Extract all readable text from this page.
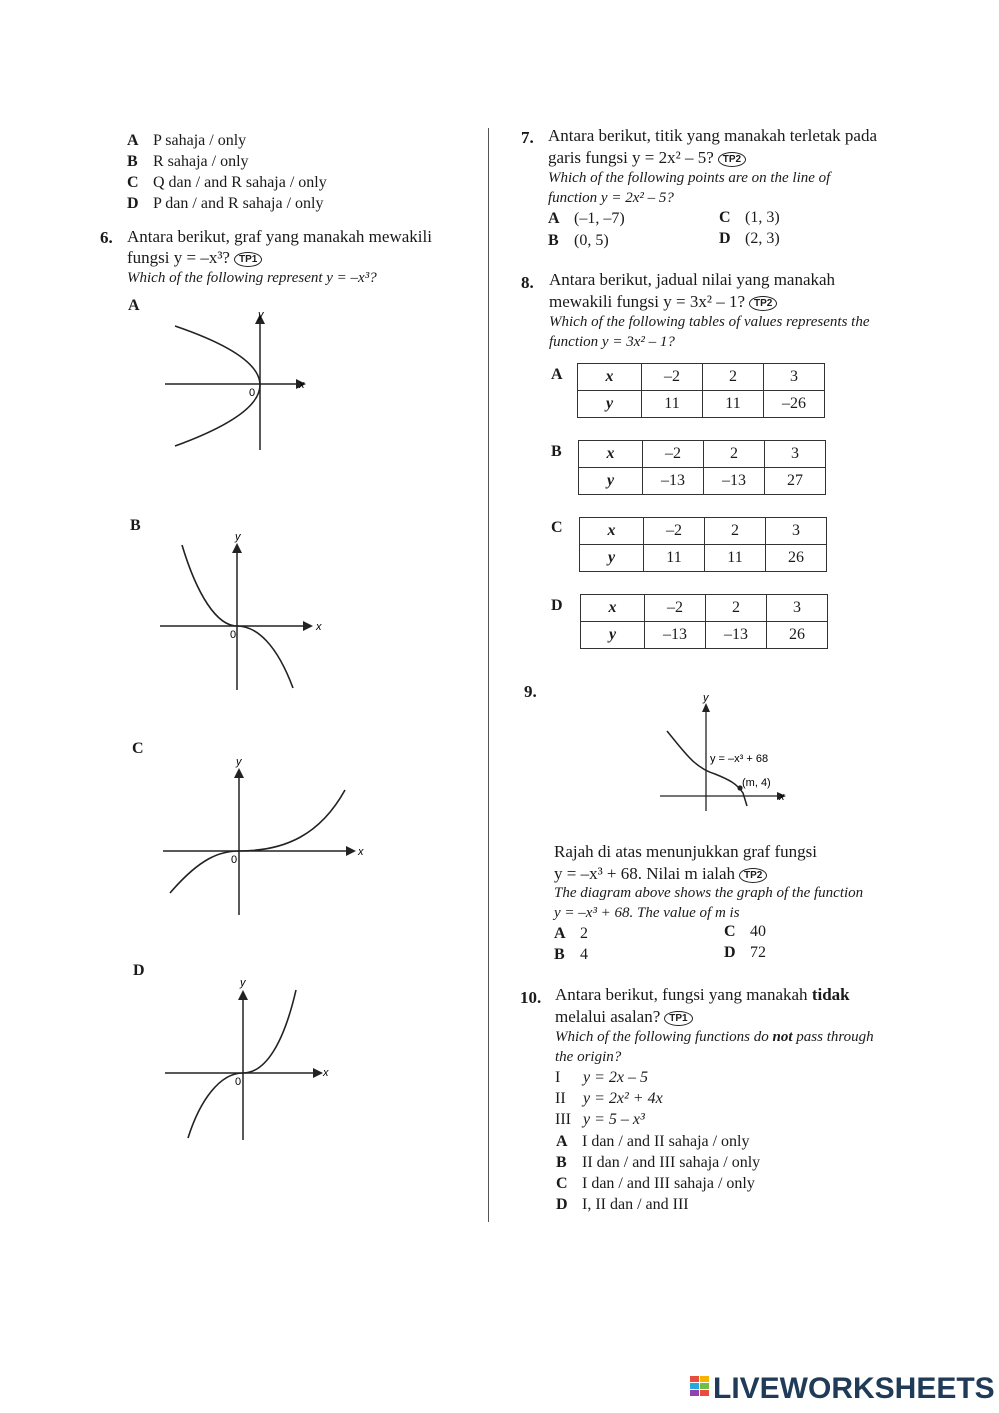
A P sahaja / only
B R sahaja / only
C Q dan / and R sahaja / only
D P dan / and R sahaja / only
6. Antara berikut, graf yang manakah mewakili
fungsi y = –x³? TP1
Which of the following represent y = –x³?
A
y
x
0
B
y
x
0
C
y
x
0
D
y
x
0
7. Antara berikut, titik yang manakah terletak pada
garis fungsi y = 2x² – 5? TP2
Which of the following points are on the line of
function y = 2x² – 5?
A (–1, –7)	C (1, 3)
B (0, 5)	D (2, 3)
8. Antara berikut, jadual nilai yang manakah
mewakili fungsi y = 3x² – 1? TP2
Which of the following tables of values represents the
function y = 3x² – 1?
A	x	–2	2	3
y	11	11	–26
B	x	–2	2	3
y	–13	–13	27
C	x	–2	2	3
y	11	11	26
D	x	–2	2	3
y	–13	–13	26
9.	y
x
y = –x³ + 68
(m, 4)
Rajah di atas menunjukkan graf fungsi
y = –x³ + 68. Nilai m ialah TP2
The diagram above shows the graph of the function
y = –x³ + 68. The value of m is
A 2	C 40
B 4	D 72
10. Antara berikut, fungsi yang manakah tidak
melalui asalan? TP1
Which of the following functions do not pass through
the origin?
I y = 2x – 5
II y = 2x² + 4x
III y = 5 – x³
A I dan / and II sahaja / only
B II dan / and III sahaja / only
C I dan / and III sahaja / only
D I, II dan / and III
LIVEWORKSHEETS
